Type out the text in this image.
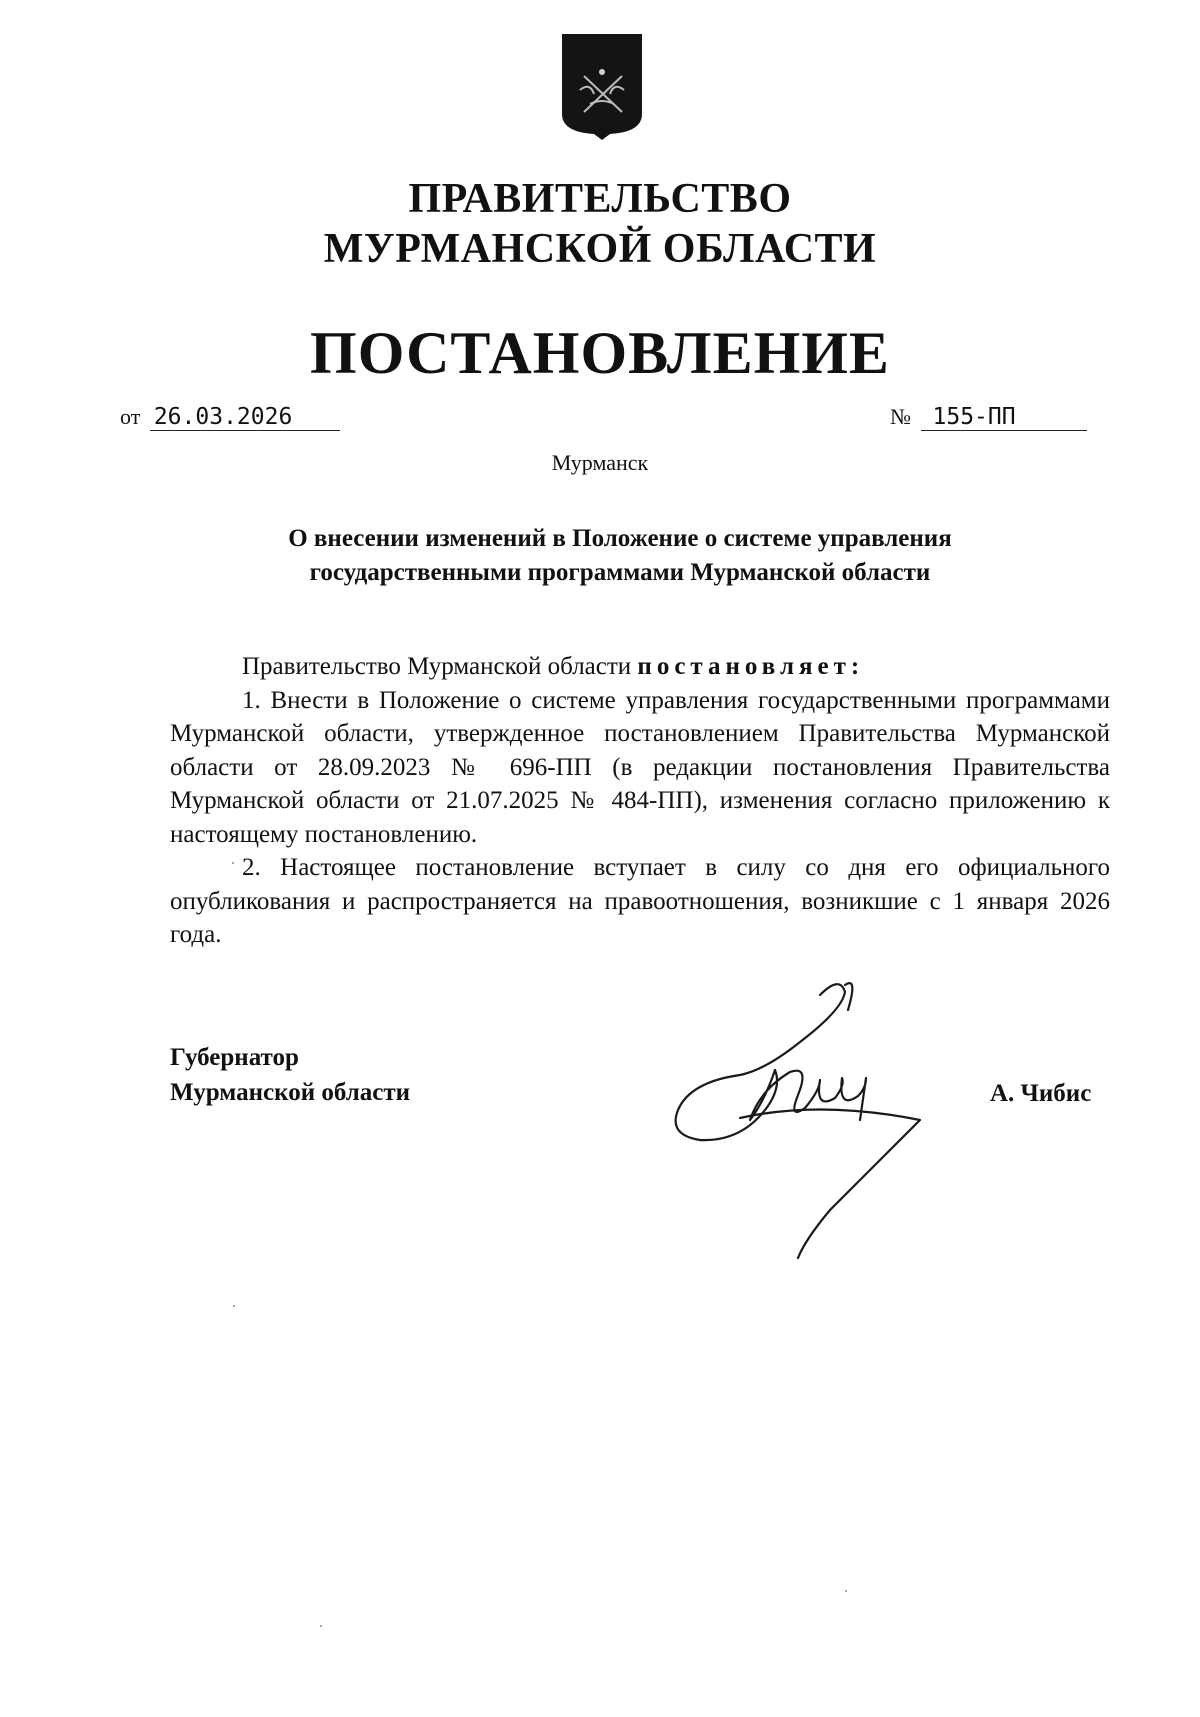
ПРАВИТЕЛЬСТВО
МУРМАНСКОЙ ОБЛАСТИ
ПОСТАНОВЛЕНИЕ
от 26.03.2026	№ 155-ПП
Мурманск
О внесении изменений в Положение о системе управления
государственными программами Мурманской области

Правительство Мурманской области постановляет:

1. Внести в Положение о системе управления государственными программами Мурманской области, утвержденное постановлением Правительства Мурманской области от 28.09.2023 № 696-ПП (в редакции постановления Правительства Мурманской области от 21.07.2025 № 484-ПП), изменения согласно приложению к настоящему постановлению.

2. Настоящее постановление вступает в силу со дня его официального опубликования и распространяется на правоотношения, возникшие с 1 января 2026 года.

Губернатор
Мурманской области	А. Чибис
